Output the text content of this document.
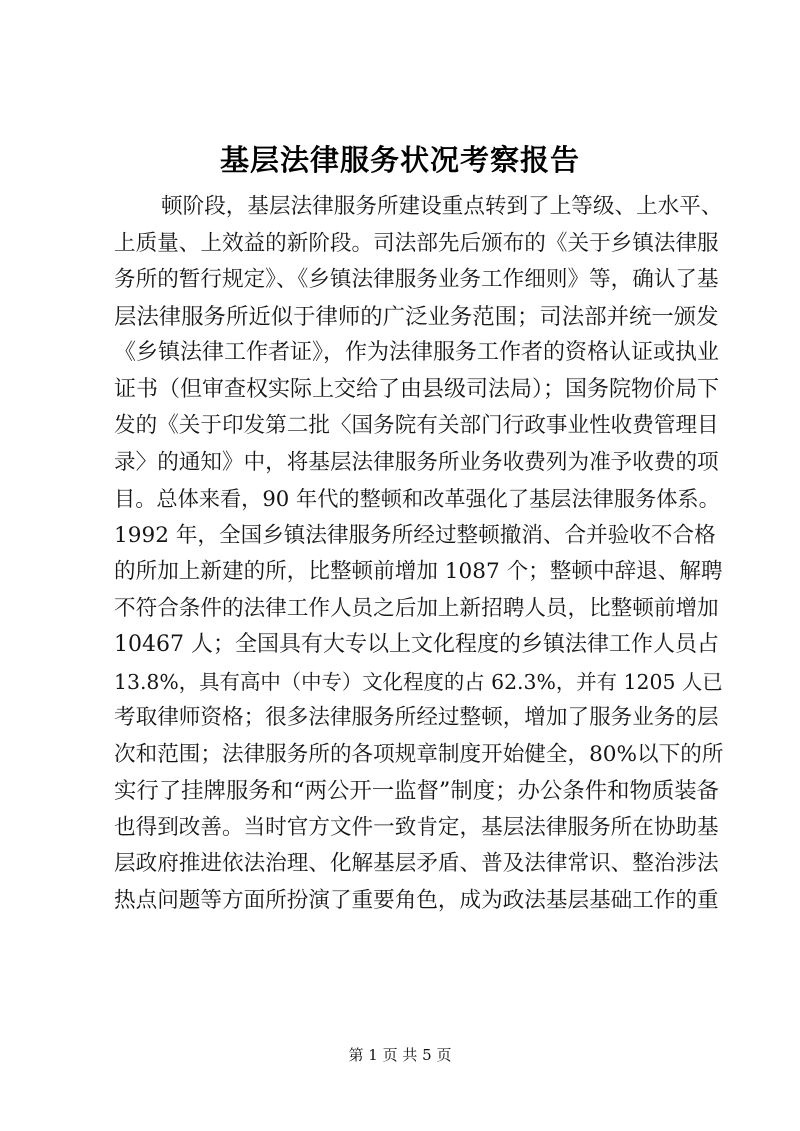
基层法律服务状况考察报告
顿阶段，基层法律服务所建设重点转到了上等级、上水平、
上质量、上效益的新阶段。司法部先后颁布的《关于乡镇法律服
务所的暂行规定》、《乡镇法律服务业务工作细则》等，确认了基
层法律服务所近似于律师的广泛业务范围；司法部并统一颁发
《乡镇法律工作者证》，作为法律服务工作者的资格认证或执业
证书（但审查权实际上交给了由县级司法局）；国务院物价局下
发的《关于印发第二批〈国务院有关部门行政事业性收费管理目
录〉的通知》中，将基层法律服务所业务收费列为准予收费的项
目。总体来看，90 年代的整顿和改革强化了基层法律服务体系。
1992 年，全国乡镇法律服务所经过整顿撤消、合并验收不合格
的所加上新建的所，比整顿前增加 1087 个；整顿中辞退、解聘
不符合条件的法律工作人员之后加上新招聘人员，比整顿前增加
10467 人；全国具有大专以上文化程度的乡镇法律工作人员占
13.8%，具有高中（中专）文化程度的占 62.3%，并有 1205 人已
考取律师资格；很多法律服务所经过整顿，增加了服务业务的层
次和范围；法律服务所的各项规章制度开始健全，80%以下的所
实行了挂牌服务和“两公开一监督”制度；办公条件和物质装备
也得到改善。当时官方文件一致肯定，基层法律服务所在协助基
层政府推进依法治理、化解基层矛盾、普及法律常识、整治涉法
热点问题等方面所扮演了重要角色，成为政法基层基础工作的重
第 1 页 共 5 页
